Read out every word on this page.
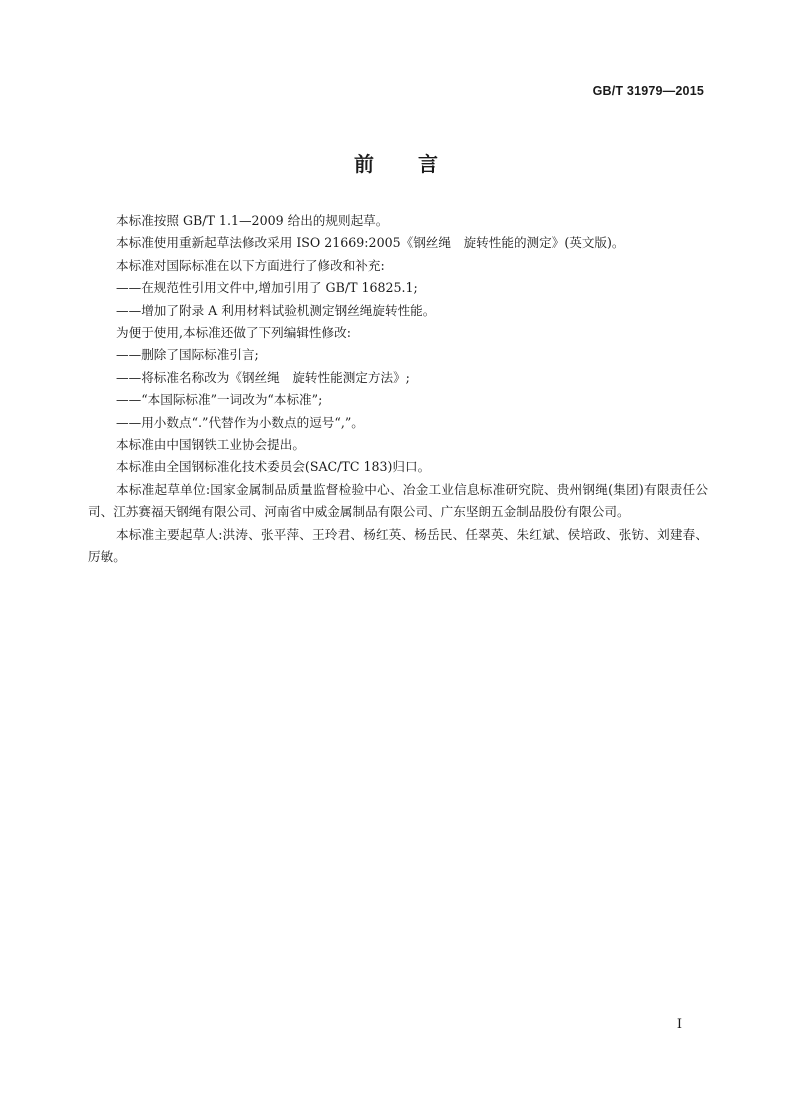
GB/T 31979—2015
前言

本标准按照 GB/T 1.1—2009 给出的规则起草。

本标准使用重新起草法修改采用 ISO 21669:2005《钢丝绳　旋转性能的测定》(英文版)。

本标准对国际标准在以下方面进行了修改和补充:

——在规范性引用文件中,增加引用了 GB/T 16825.1;

——增加了附录 A 利用材料试验机测定钢丝绳旋转性能。

为便于使用,本标准还做了下列编辑性修改:

——删除了国际标准引言;

——将标准名称改为《钢丝绳　旋转性能测定方法》;

——“本国际标准”一词改为“本标准”;

——用小数点“.”代替作为小数点的逗号“,”。

本标准由中国钢铁工业协会提出。

本标准由全国钢标准化技术委员会(SAC/TC 183)归口。

本标准起草单位:国家金属制品质量监督检验中心、冶金工业信息标准研究院、贵州钢绳(集团)有限责任公司、江苏赛福天钢绳有限公司、河南省中威金属制品有限公司、广东坚朗五金制品股份有限公司。

本标准主要起草人:洪涛、张平萍、王玲君、杨红英、杨岳民、任翠英、朱红斌、侯培政、张钫、刘建春、厉敏。

I
